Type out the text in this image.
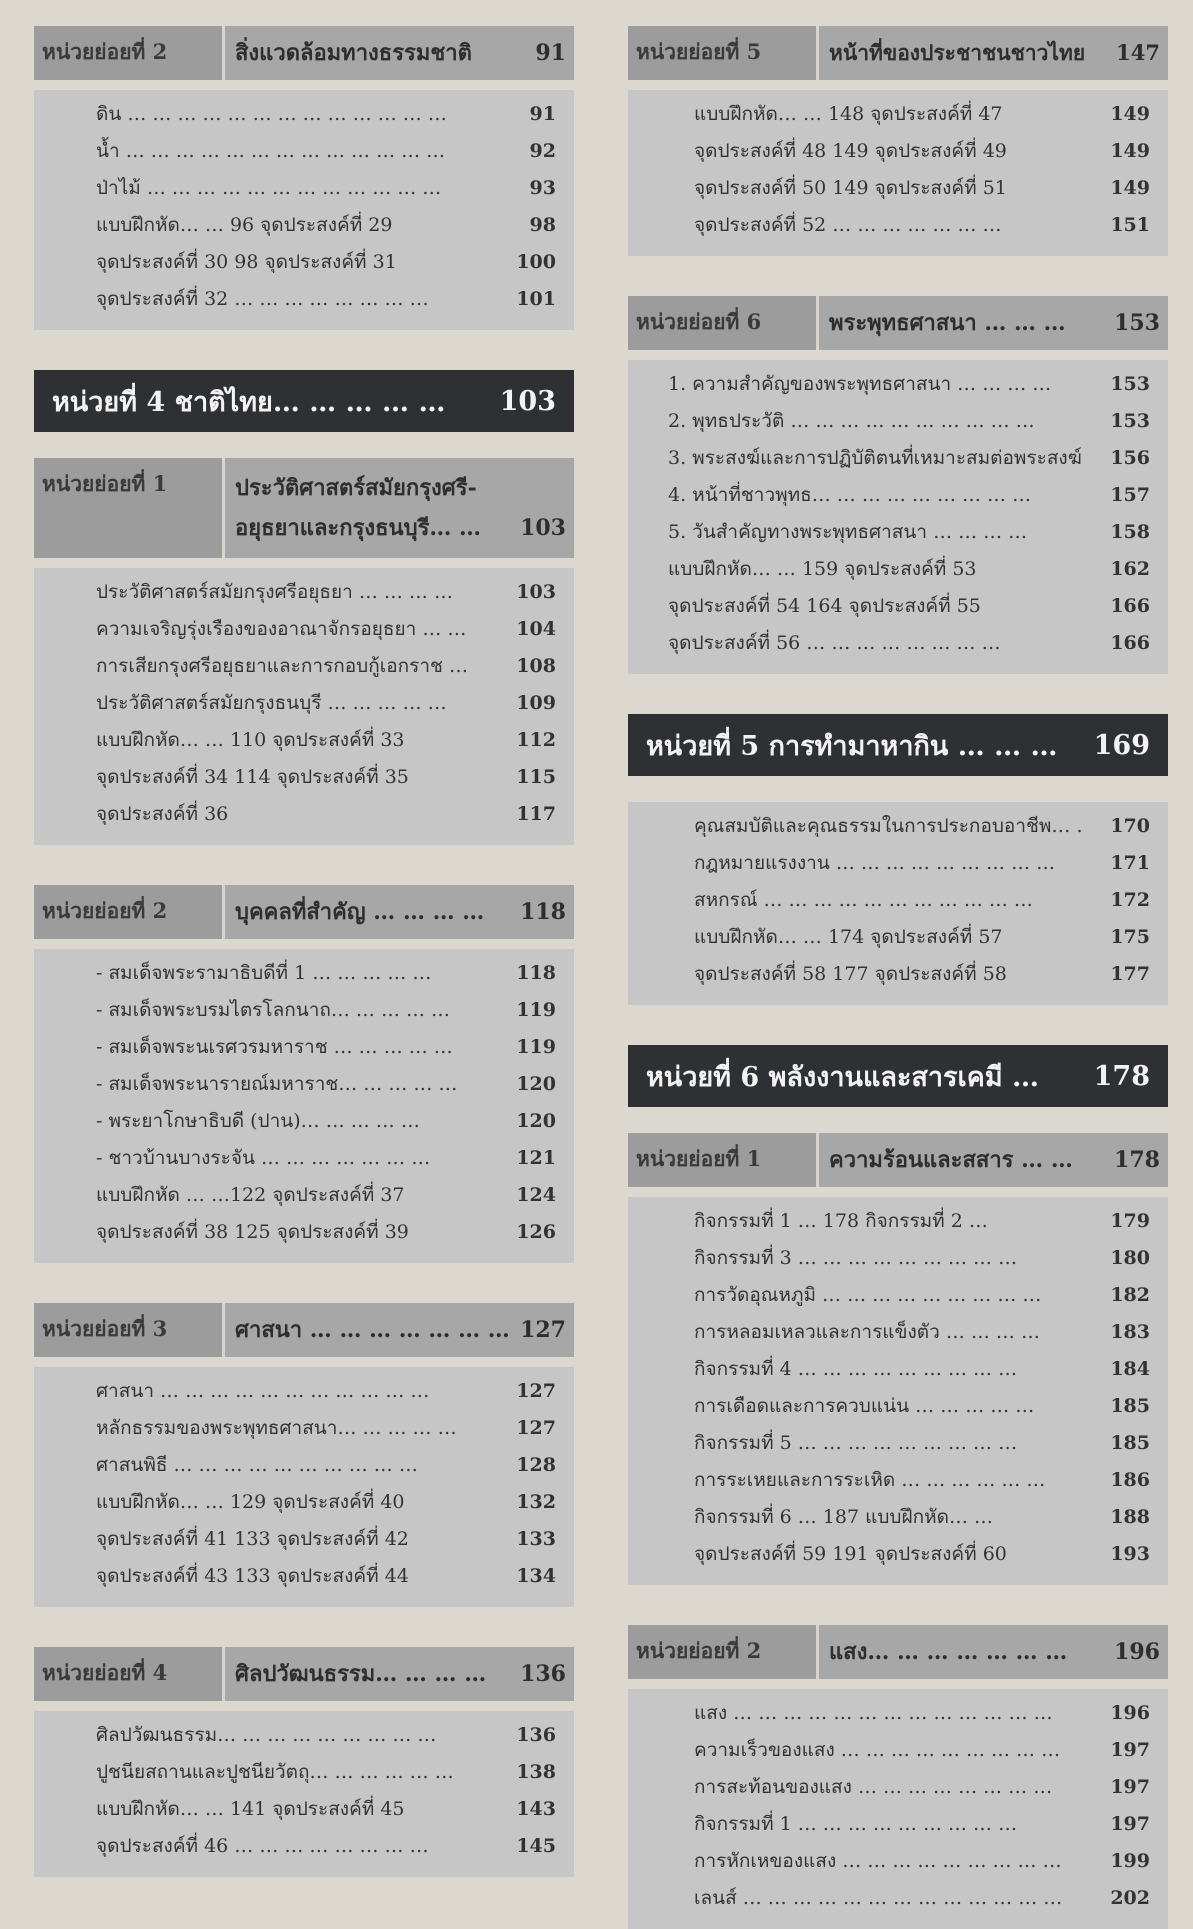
หน่วยย่อยที่ 2	สิ่งแวดล้อมทางธรรมชาติ	91
ดิน … … … … … … … … … … … … …	91
น้ำ … … … … … … … … … … … … …	92
ป่าไม้ … … … … … … … … … … … …	93
แบบฝึกหัด… … 96 จุดประสงค์ที่ 29	98
จุดประสงค์ที่ 30 98 จุดประสงค์ที่ 31	100
จุดประสงค์ที่ 32 … … … … … … … …	101
หน่วยที่ 4 ชาติไทย… … … … … 103
หน่วยย่อยที่ 1	ประวัติศาสตร์สมัยกรุงศรี-
อยุธยาและกรุงธนบุรี… … 103
ประวัติศาสตร์สมัยกรุงศรีอยุธยา … … … …	103
ความเจริญรุ่งเรืองของอาณาจักรอยุธยา … …	104
การเสียกรุงศรีอยุธยาและการกอบกู้เอกราช …	108
ประวัติศาสตร์สมัยกรุงธนบุรี … … … … …	109
แบบฝึกหัด… … 110 จุดประสงค์ที่ 33	112
จุดประสงค์ที่ 34 114 จุดประสงค์ที่ 35	115
จุดประสงค์ที่ 36	117
หน่วยย่อยที่ 2	บุคคลที่สำคัญ … … … … 118
- สมเด็จพระรามาธิบดีที่ 1 … … … … …	118
- สมเด็จพระบรมไตรโลกนาถ… … … … …	119
- สมเด็จพระนเรศวรมหาราช … … … … …	119
- สมเด็จพระนารายณ์มหาราช… … … … …	120
- พระยาโกษาธิบดี (ปาน)… … … … …	120
- ชาวบ้านบางระจัน … … … … … … …	121
แบบฝึกหัด … …122 จุดประสงค์ที่ 37	124
จุดประสงค์ที่ 38 125 จุดประสงค์ที่ 39	126
หน่วยย่อยที่ 3	ศาสนา … … … … … … … 127
ศาสนา … … … … … … … … … … …	127
หลักธรรมของพระพุทธศาสนา… … … … …	127
ศาสนพิธี … … … … … … … … … …	128
แบบฝึกหัด… … 129 จุดประสงค์ที่ 40	132
จุดประสงค์ที่ 41 133 จุดประสงค์ที่ 42	133
จุดประสงค์ที่ 43 133 จุดประสงค์ที่ 44	134
หน่วยย่อยที่ 4	ศิลปวัฒนธรรม… … … … 136
ศิลปวัฒนธรรม… … … … … … … … …	136
ปูชนียสถานและปูชนียวัตถุ… … … … … …	138
แบบฝึกหัด… … 141 จุดประสงค์ที่ 45	143
จุดประสงค์ที่ 46 … … … … … … … …	145
หน่วยย่อยที่ 5	หน้าที่ของประชาชนชาวไทย 147
แบบฝึกหัด… … 148 จุดประสงค์ที่ 47	149
จุดประสงค์ที่ 48 149 จุดประสงค์ที่ 49	149
จุดประสงค์ที่ 50 149 จุดประสงค์ที่ 51	149
จุดประสงค์ที่ 52 … … … … … … …	151
หน่วยย่อยที่ 6	พระพุทธศาสนา … … … 153
1. ความสำคัญของพระพุทธศาสนา … … … …	153
2. พุทธประวัติ … … … … … … … … … …	153
3. พระสงฆ์และการปฏิบัติตนที่เหมาะสมต่อพระสงฆ์ 156
4. หน้าที่ชาวพุทธ… … … … … … … … …	157
5. วันสำคัญทางพระพุทธศาสนา … … … …	158
แบบฝึกหัด… … 159 จุดประสงค์ที่ 53	162
จุดประสงค์ที่ 54 164 จุดประสงค์ที่ 55	166
จุดประสงค์ที่ 56 … … … … … … … …	166
หน่วยที่ 5 การทำมาหากิน … … … 169
คุณสมบัติและคุณธรรมในการประกอบอาชีพ… . 170
กฎหมายแรงงาน … … … … … … … … …	171
สหกรณ์ … … … … … … … … … … …	172
แบบฝึกหัด… … 174 จุดประสงค์ที่ 57	175
จุดประสงค์ที่ 58 177 จุดประสงค์ที่ 58	177
หน่วยที่ 6 พลังงานและสารเคมี … 178
หน่วยย่อยที่ 1	ความร้อนและสสาร … … 178
กิจกรรมที่ 1 … 178 กิจกรรมที่ 2 …	179
กิจกรรมที่ 3 … … … … … … … … …	180
การวัดอุณหภูมิ … … … … … … … … …	182
การหลอมเหลวและการแข็งตัว … … … …	183
กิจกรรมที่ 4 … … … … … … … … …	184
การเดือดและการควบแน่น … … … … …	185
กิจกรรมที่ 5 … … … … … … … … …	185
การระเหยและการระเหิด … … … … … …	186
กิจกรรมที่ 6 … 187 แบบฝึกหัด… …	188
จุดประสงค์ที่ 59 191 จุดประสงค์ที่ 60	193
หน่วยย่อยที่ 2	แสง… … … … … … … 196
แสง … … … … … … … … … … … … …	196
ความเร็วของแสง … … … … … … … … …	197
การสะท้อนของแสง … … … … … … … …	197
กิจกรรมที่ 1 … … … … … … … … …	197
การหักเหของแสง … … … … … … … … …	199
เลนส์ … … … … … … … … … … … … …	202
